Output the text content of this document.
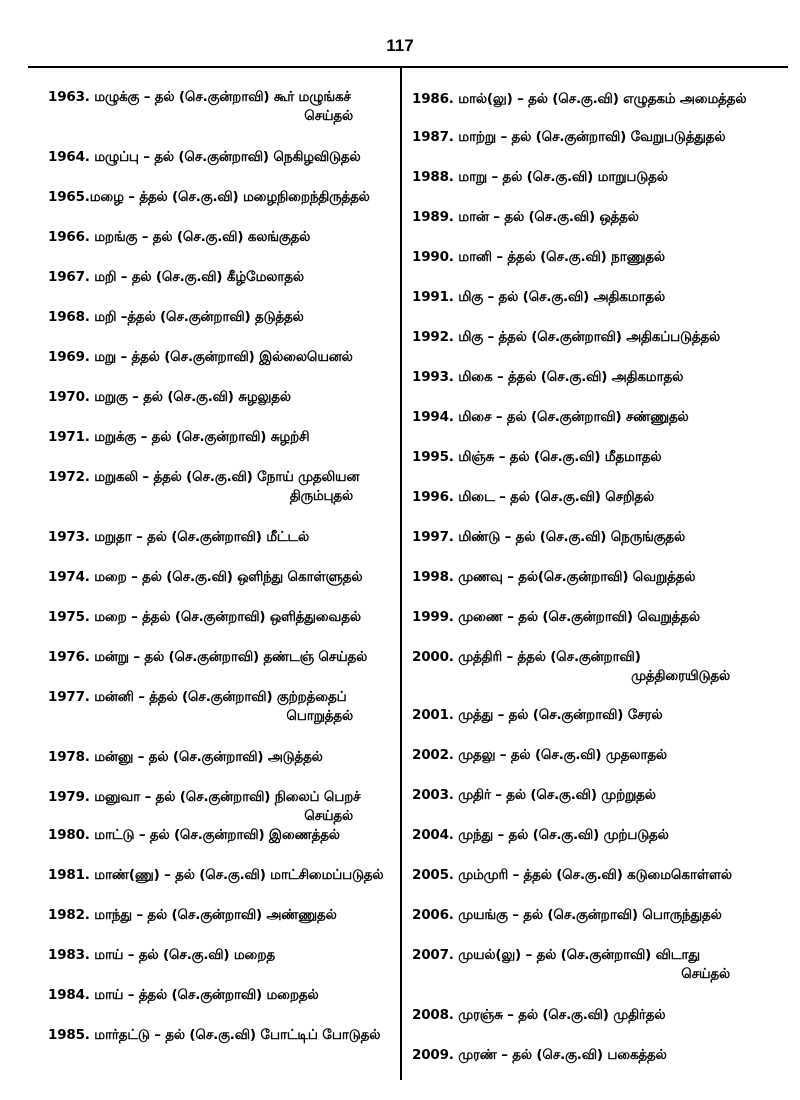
117
1963. மழுக்கு – தல் (செ.குன்றாவி) கூர் மழுங்கச்
செய்தல்
1964. மழுப்பு – தல் (செ.குன்றாவி) நெகிழவிடுதல்
1965.மழை – த்தல் (செ.கு.வி) மழைநிறைந்திருத்தல்
1966. மறங்கு – தல் (செ.கு.வி) கலங்குதல்
1967. மறி – தல் (செ.கு.வி) கீழ்மேலாதல்
1968. மறி –த்தல் (செ.குன்றாவி) தடுத்தல்
1969. மறு – த்தல் (செ.குன்றாவி) இல்லையெனல்
1970. மறுகு – தல் (செ.கு.வி) சுழலுதல்
1971. மறுக்கு – தல் (செ.குன்றாவி) சுழற்சி
1972. மறுகலி – த்தல் (செ.கு.வி) நோய் முதலியன
திரும்புதல்
1973. மறுதா – தல் (செ.குன்றாவி) மீட்டல்
1974. மறை – தல் (செ.கு.வி) ஒளிந்து கொள்ளுதல்
1975. மறை – த்தல் (செ.குன்றாவி) ஒளித்துவைதல்
1976. மன்று – தல் (செ.குன்றாவி) தண்டஞ் செய்தல்
1977. மன்னி – த்தல் (செ.குன்றாவி) குற்றத்தைப்
பொறுத்தல்
1978. மன்னு – தல் (செ.குன்றாவி) அடுத்தல்
1979. மனுவா – தல் (செ.குன்றாவி) நிலைப் பெறச்
செய்தல்
1980. மாட்டு – தல் (செ.குன்றாவி) இணைத்தல்
1981. மாண்(ணு) – தல் (செ.கு.வி) மாட்சிமைப்படுதல்
1982. மாந்து – தல் (செ.குன்றாவி) அண்ணுதல்
1983. மாய் – தல் (செ.கு.வி) மறைத
1984. மாய் – த்தல் (செ.குன்றாவி) மறைதல்
1985. மார்தட்டு – தல் (செ.கு.வி) போட்டிப் போடுதல்
1986. மால்(லு) – தல் (செ.கு.வி) எழுதகம் அமைத்தல்
1987. மாற்று – தல் (செ.குன்றாவி) வேறுபடுத்துதல்
1988. மாறு – தல் (செ.கு.வி) மாறுபடுதல்
1989. மான் – தல் (செ.கு.வி) ஒத்தல்
1990. மானி – த்தல் (செ.கு.வி) நாணுதல்
1991. மிகு – தல் (செ.கு.வி) அதிகமாதல்
1992. மிகு – த்தல் (செ.குன்றாவி) அதிகப்படுத்தல்
1993. மிகை – த்தல் (செ.கு.வி) அதிகமாதல்
1994. மிசை – தல் (செ.குன்றாவி) சண்ணுதல்
1995. மிஞ்சு – தல் (செ.கு.வி) மீதமாதல்
1996. மிடை – தல் (செ.கு.வி) செறிதல்
1997. மிண்டு – தல் (செ.கு.வி) நெருங்குதல்
1998. முணவு – தல்(செ.குன்றாவி) வெறுத்தல்
1999. முணை – தல் (செ.குன்றாவி) வெறுத்தல்
2000. முத்திரி – த்தல் (செ.குன்றாவி)
முத்திரையிடுதல்
2001. முத்து – தல் (செ.குன்றாவி) சேரல்
2002. முதலு – தல் (செ.கு.வி) முதலாதல்
2003. முதிர் – தல் (செ.கு.வி) முற்றுதல்
2004. முந்து – தல் (செ.கு.வி) முற்படுதல்
2005. மும்முரி – த்தல் (செ.கு.வி) கடுமைகொள்ளல்
2006. முயங்கு – தல் (செ.குன்றாவி) பொருந்துதல்
2007. முயல்(லு) – தல் (செ.குன்றாவி) விடாது
செய்தல்
2008. முரஞ்சு – தல் (செ.கு.வி) முதிர்தல்
2009. முரண் – தல் (செ.கு.வி) பகைத்தல்
